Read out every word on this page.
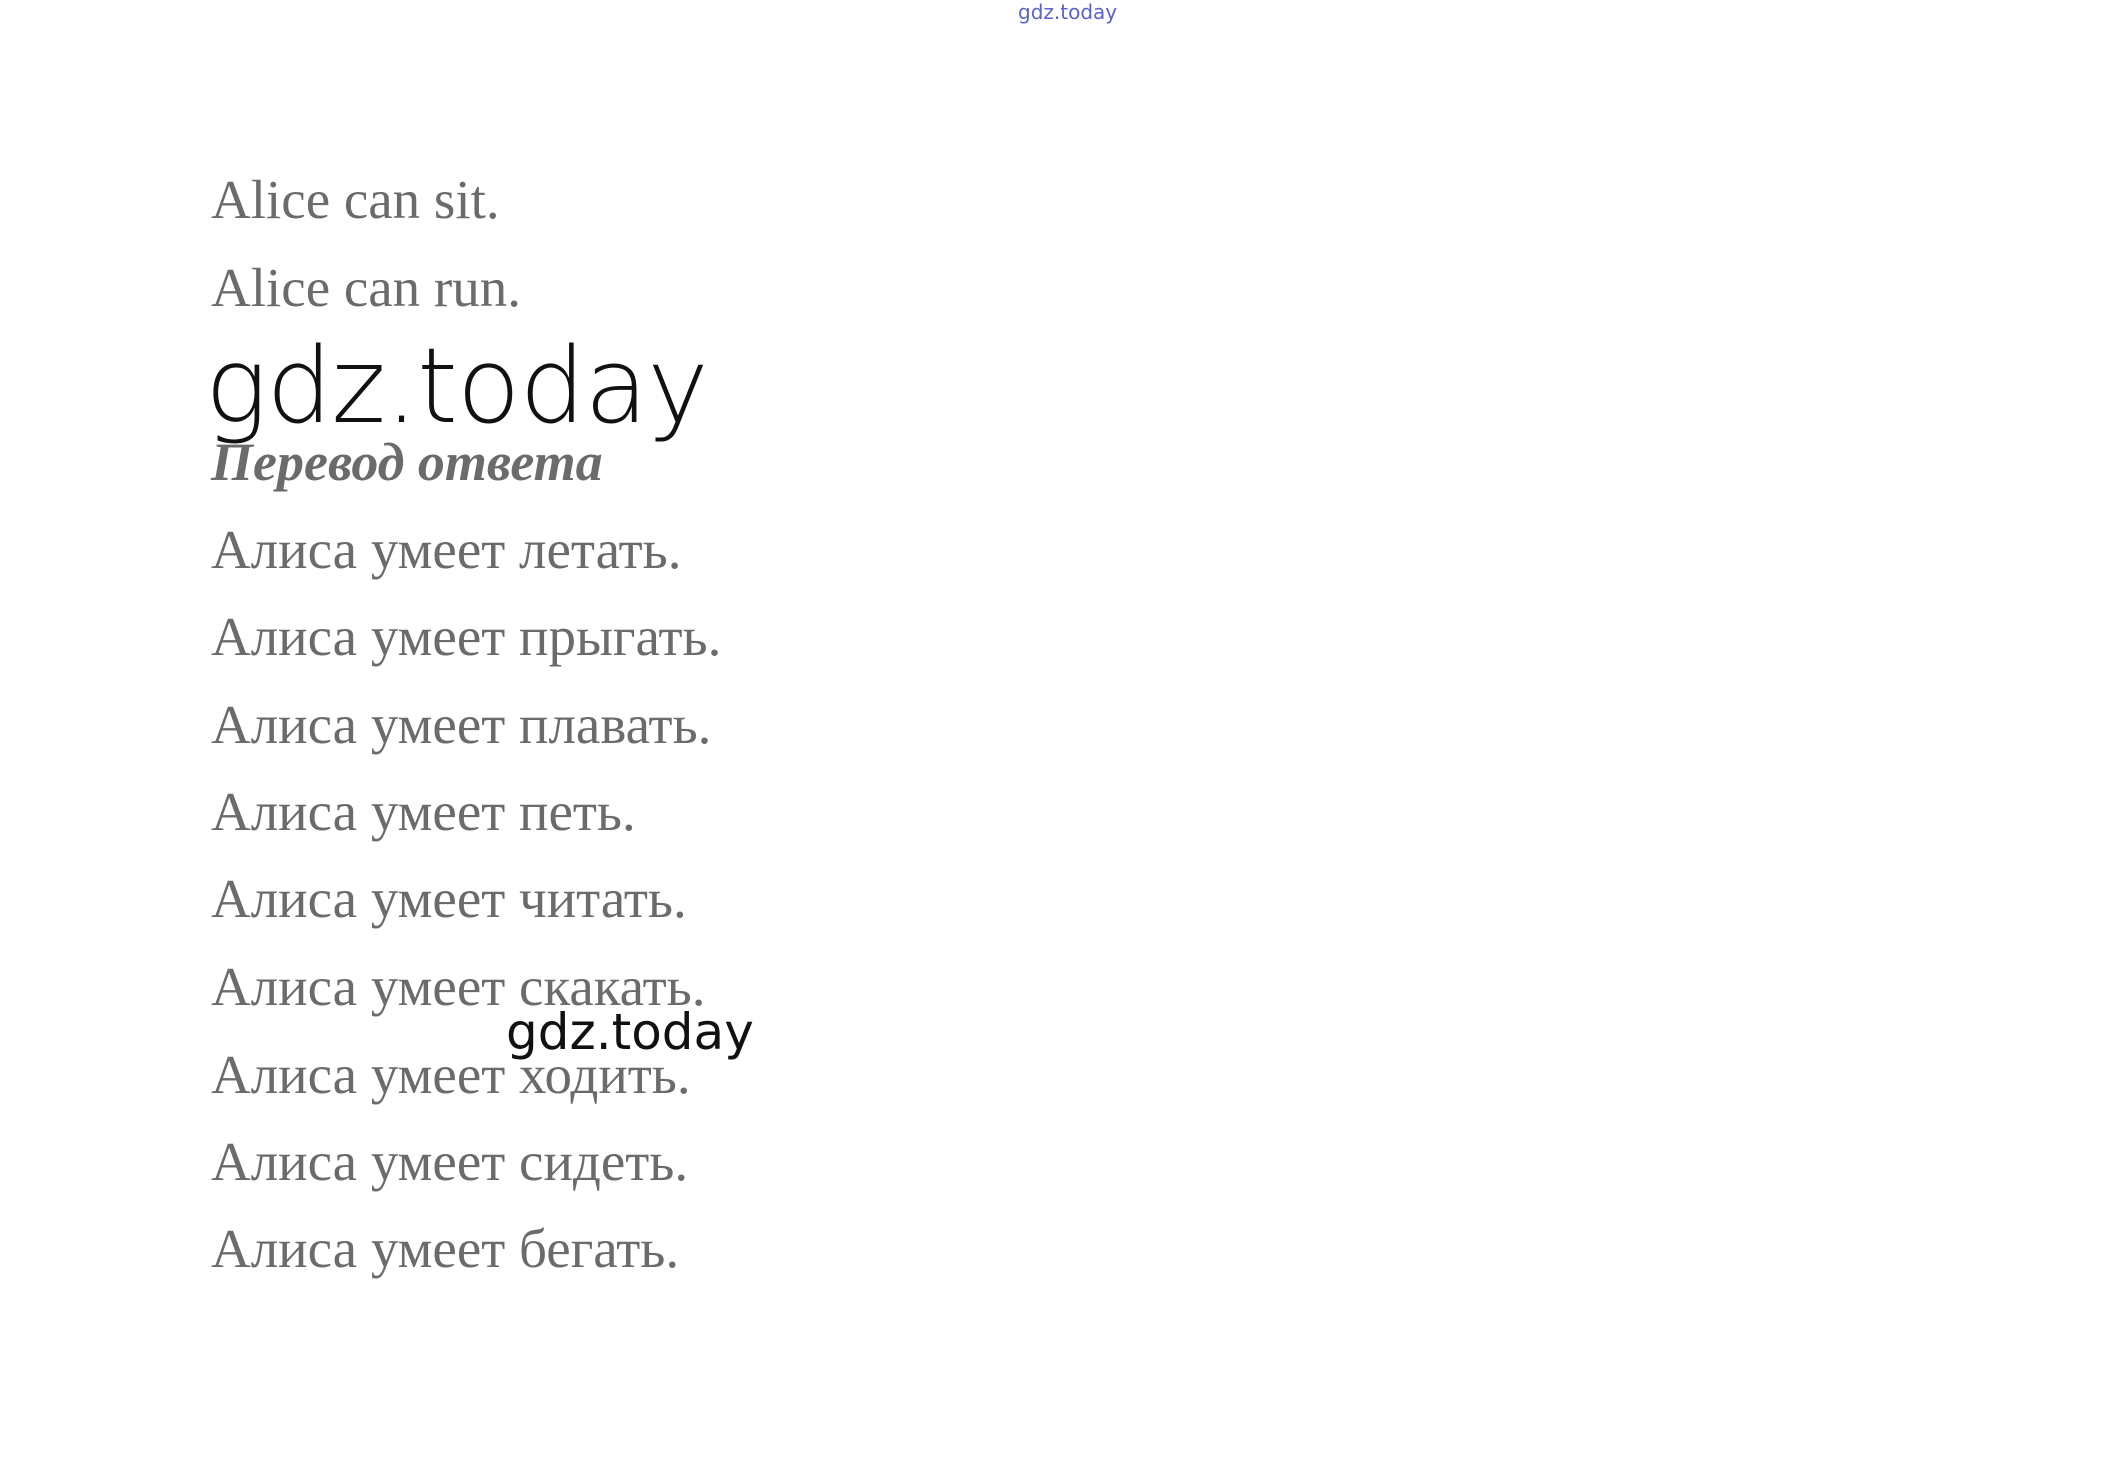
gdz.today
Alice can sit.
Alice can run.
gdz.today
Перевод ответа
Алиса умеет летать.
Алиса умеет прыгать.
Алиса умеет плавать.
Алиса умеет петь.
Алиса умеет читать.
Алиса умеет скакать.
Алиса умеет ходить.
Алиса умеет сидеть.
Алиса умеет бегать.
gdz.today
